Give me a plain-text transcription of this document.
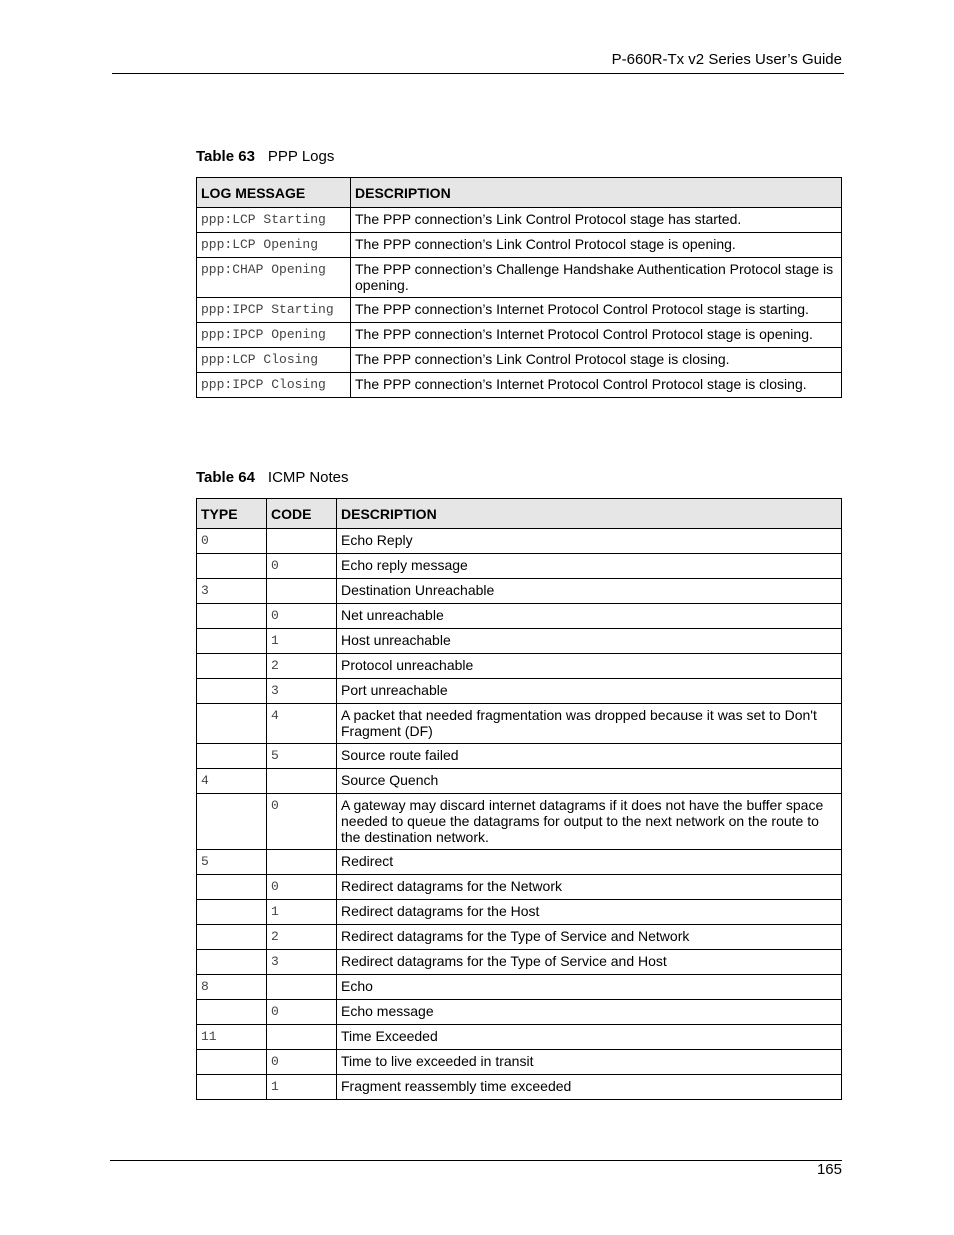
P-660R-Tx v2 Series User’s Guide
Table 63 PPP Logs
LOG MESSAGE	DESCRIPTION
ppp:LCP Starting	The PPP connection’s Link Control Protocol stage has started.
ppp:LCP Opening	The PPP connection’s Link Control Protocol stage is opening.
ppp:CHAP Opening	The PPP connection’s Challenge Handshake Authentication Protocol stage is opening.
ppp:IPCP Starting	The PPP connection’s Internet Protocol Control Protocol stage is starting.
ppp:IPCP Opening	The PPP connection’s Internet Protocol Control Protocol stage is opening.
ppp:LCP Closing	The PPP connection’s Link Control Protocol stage is closing.
ppp:IPCP Closing	The PPP connection’s Internet Protocol Control Protocol stage is closing.
Table 64 ICMP Notes
TYPE	CODE	DESCRIPTION
0		Echo Reply
	0	Echo reply message
3		Destination Unreachable
	0	Net unreachable
	1	Host unreachable
	2	Protocol unreachable
	3	Port unreachable
	4	A packet that needed fragmentation was dropped because it was set to Don't Fragment (DF)
	5	Source route failed
4		Source Quench
	0	A gateway may discard internet datagrams if it does not have the buffer space needed to queue the datagrams for output to the next network on the route to the destination network.
5		Redirect
	0	Redirect datagrams for the Network
	1	Redirect datagrams for the Host
	2	Redirect datagrams for the Type of Service and Network
	3	Redirect datagrams for the Type of Service and Host
8		Echo
	0	Echo message
11		Time Exceeded
	0	Time to live exceeded in transit
	1	Fragment reassembly time exceeded
165
